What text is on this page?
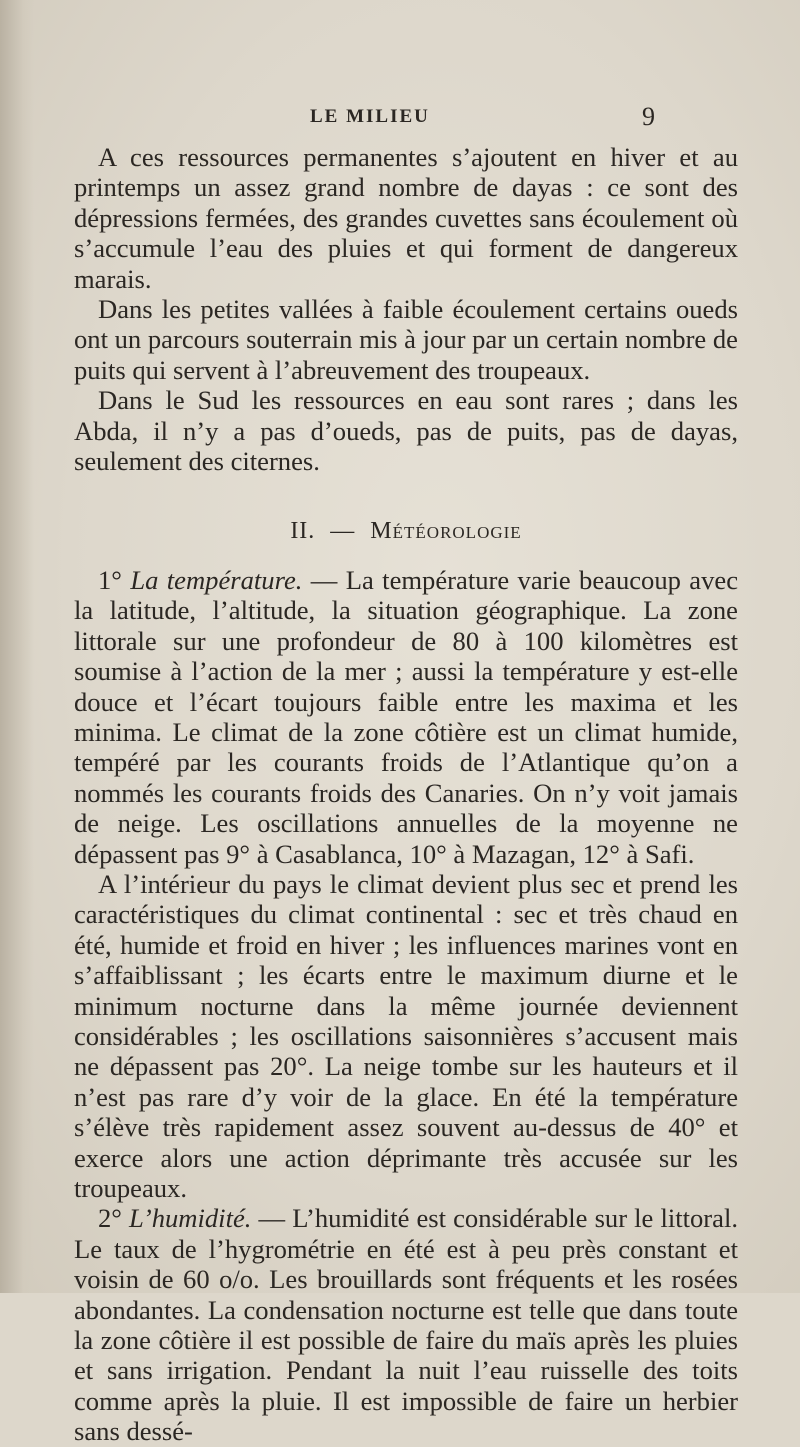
LE MILIEU	9

A ces ressources permanentes s’ajoutent en hiver et au printemps un assez grand nombre de dayas : ce sont des dépressions fermées, des grandes cuvettes sans écoulement où s’accumule l’eau des pluies et qui forment de dangereux marais.

Dans les petites vallées à faible écoulement certains oueds ont un parcours souterrain mis à jour par un certain nombre de puits qui servent à l’abreuvement des troupeaux.

Dans le Sud les ressources en eau sont rares ; dans les Abda, il n’y a pas d’oueds, pas de puits, pas de dayas, seulement des citernes.

II. — Météorologie

1° La température. — La température varie beaucoup avec la latitude, l’altitude, la situation géographique. La zone littorale sur une profondeur de 80 à 100 kilomètres est soumise à l’action de la mer ; aussi la température y est-elle douce et l’écart toujours faible entre les maxima et les minima. Le climat de la zone côtière est un climat humide, tempéré par les courants froids de l’Atlantique qu’on a nommés les courants froids des Canaries. On n’y voit jamais de neige. Les oscillations annuelles de la moyenne ne dépassent pas 9° à Casablanca, 10° à Mazagan, 12° à Safi.

A l’intérieur du pays le climat devient plus sec et prend les caractéristiques du climat continental : sec et très chaud en été, humide et froid en hiver ; les influences marines vont en s’affaiblissant ; les écarts entre le maximum diurne et le minimum nocturne dans la même journée deviennent considérables ; les oscillations saisonnières s’accusent mais ne dépassent pas 20°. La neige tombe sur les hauteurs et il n’est pas rare d’y voir de la glace. En été la température s’élève très rapidement assez souvent au-dessus de 40° et exerce alors une action déprimante très accusée sur les troupeaux.

2° L’humidité. — L’humidité est considérable sur le littoral. Le taux de l’hygrométrie en été est à peu près constant et voisin de 60 o/o. Les brouillards sont fréquents et les rosées abondantes. La condensation nocturne est telle que dans toute la zone côtière il est possible de faire du maïs après les pluies et sans irrigation. Pendant la nuit l’eau ruisselle des toits comme après la pluie. Il est impossible de faire un herbier sans dessé-
